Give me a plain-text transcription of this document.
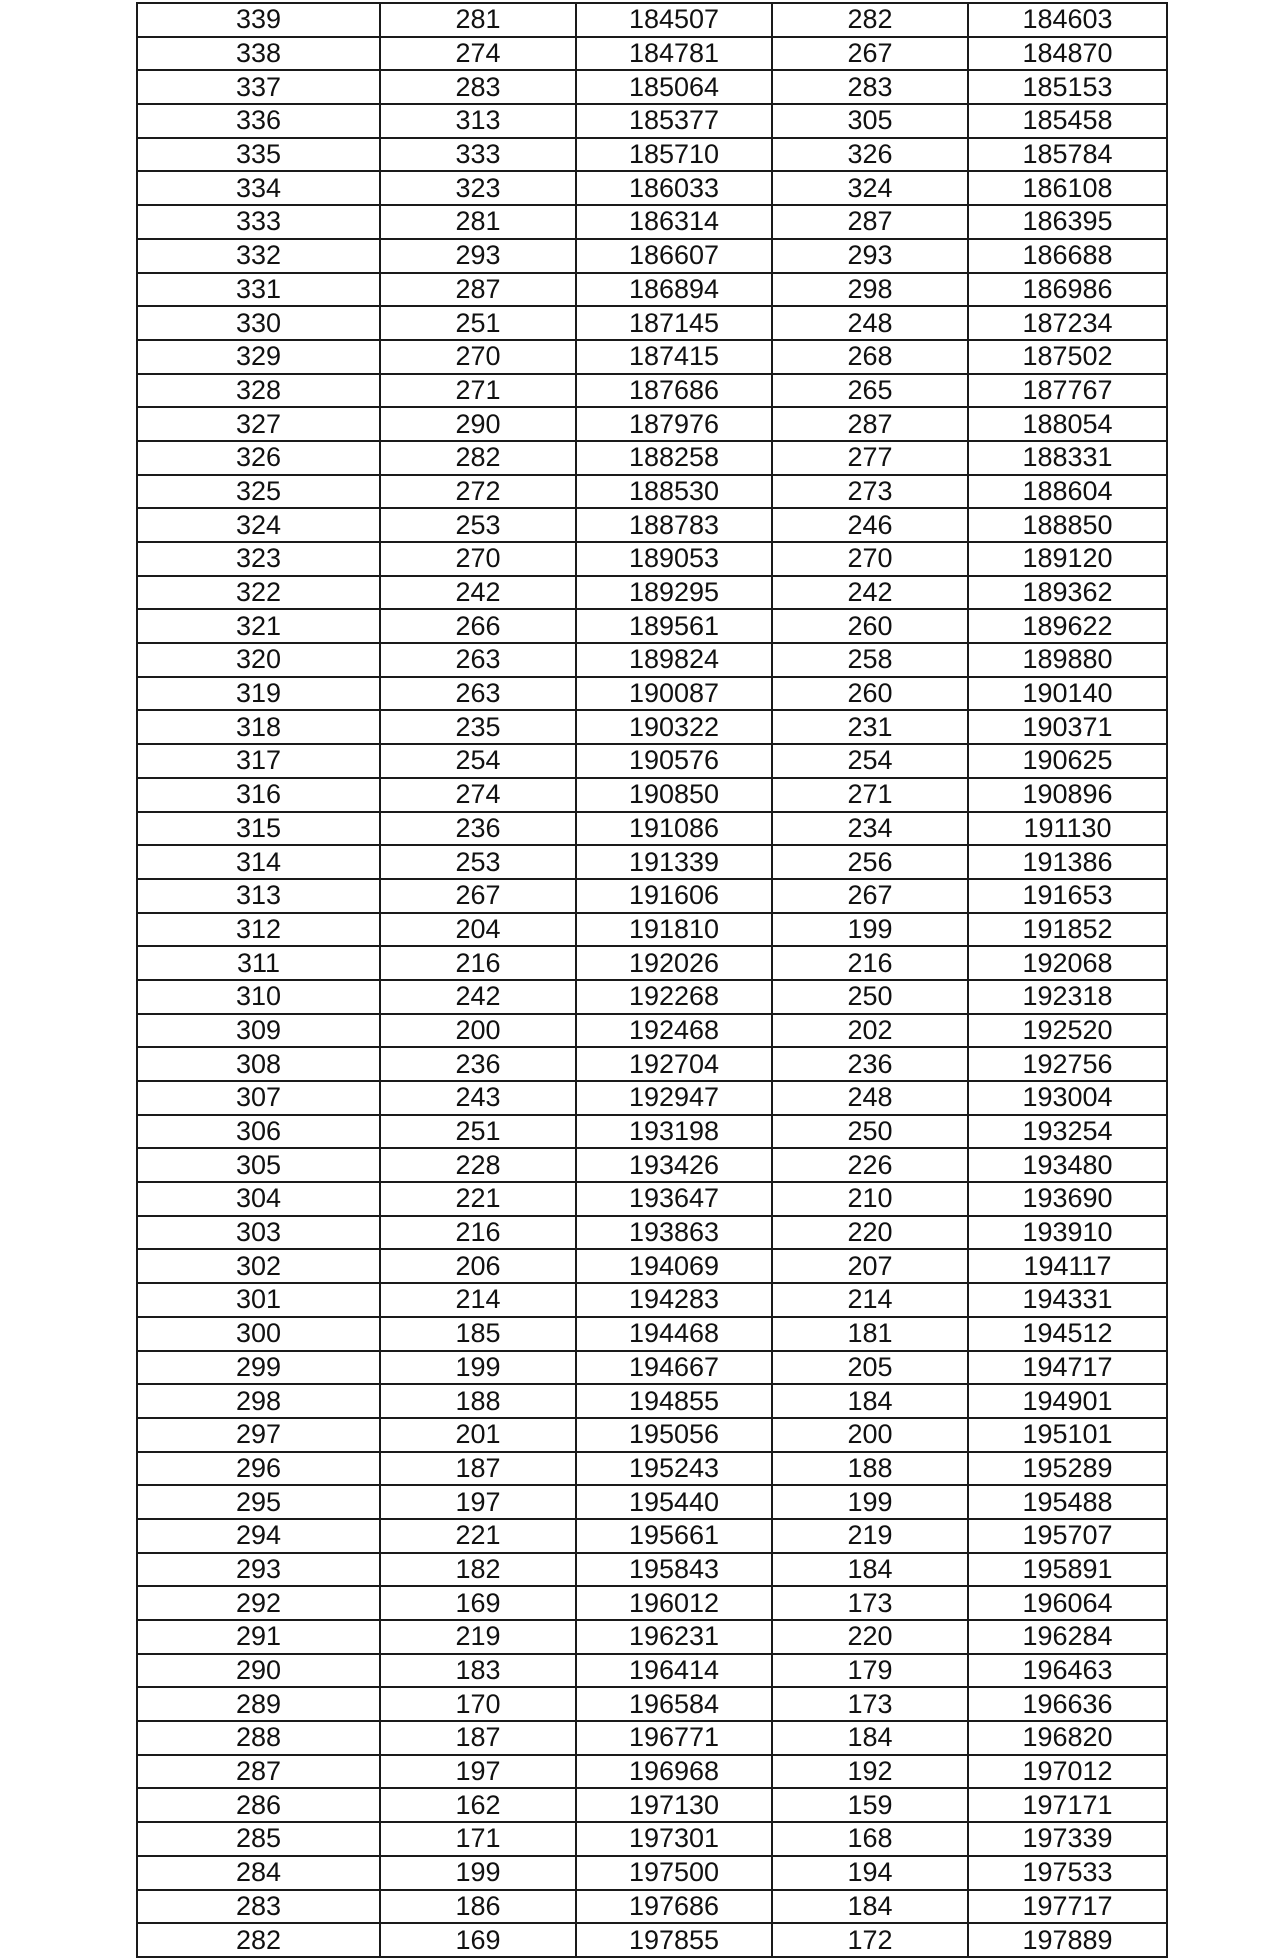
339	281	184507	282	184603
338	274	184781	267	184870
337	283	185064	283	185153
336	313	185377	305	185458
335	333	185710	326	185784
334	323	186033	324	186108
333	281	186314	287	186395
332	293	186607	293	186688
331	287	186894	298	186986
330	251	187145	248	187234
329	270	187415	268	187502
328	271	187686	265	187767
327	290	187976	287	188054
326	282	188258	277	188331
325	272	188530	273	188604
324	253	188783	246	188850
323	270	189053	270	189120
322	242	189295	242	189362
321	266	189561	260	189622
320	263	189824	258	189880
319	263	190087	260	190140
318	235	190322	231	190371
317	254	190576	254	190625
316	274	190850	271	190896
315	236	191086	234	191130
314	253	191339	256	191386
313	267	191606	267	191653
312	204	191810	199	191852
311	216	192026	216	192068
310	242	192268	250	192318
309	200	192468	202	192520
308	236	192704	236	192756
307	243	192947	248	193004
306	251	193198	250	193254
305	228	193426	226	193480
304	221	193647	210	193690
303	216	193863	220	193910
302	206	194069	207	194117
301	214	194283	214	194331
300	185	194468	181	194512
299	199	194667	205	194717
298	188	194855	184	194901
297	201	195056	200	195101
296	187	195243	188	195289
295	197	195440	199	195488
294	221	195661	219	195707
293	182	195843	184	195891
292	169	196012	173	196064
291	219	196231	220	196284
290	183	196414	179	196463
289	170	196584	173	196636
288	187	196771	184	196820
287	197	196968	192	197012
286	162	197130	159	197171
285	171	197301	168	197339
284	199	197500	194	197533
283	186	197686	184	197717
282	169	197855	172	197889
